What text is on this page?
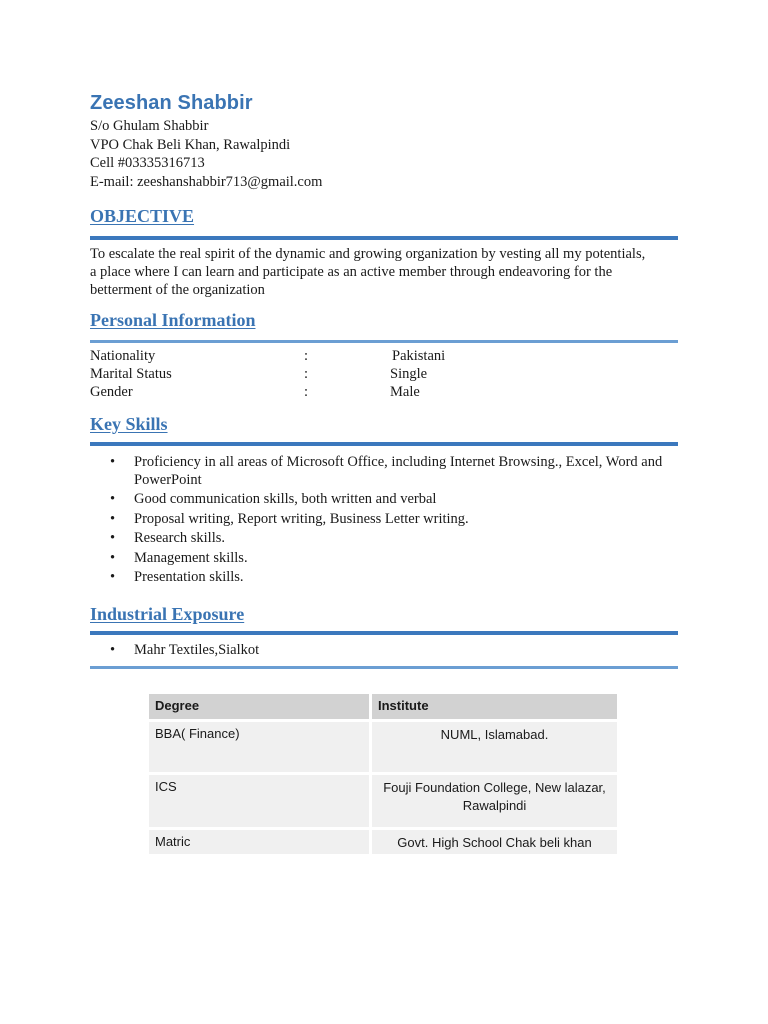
Zeeshan Shabbir
S/o Ghulam Shabbir
VPO Chak Beli Khan, Rawalpindi
Cell #03335316713
E-mail: zeeshanshabbir713@gmail.com
OBJECTIVE
To escalate the real spirit of the dynamic and growing organization by vesting all my potentials,
a place where I can learn and participate as an active member through endeavoring for the
betterment of the organization
Personal Information
Nationality	:	Pakistani
Marital Status	:	Single
Gender	:	Male
Key Skills
• Proficiency in all areas of Microsoft Office, including Internet Browsing., Excel, Word and PowerPoint
• Good communication skills, both written and verbal
• Proposal writing, Report writing, Business Letter writing.
• Research skills.
• Management skills.
• Presentation skills.
Industrial Exposure
• Mahr Textiles,Sialkot
Degree	Institute
BBA( Finance)	NUML, Islamabad.
ICS	Fouji Foundation College, New lalazar, Rawalpindi
Matric	Govt. High School Chak beli khan
